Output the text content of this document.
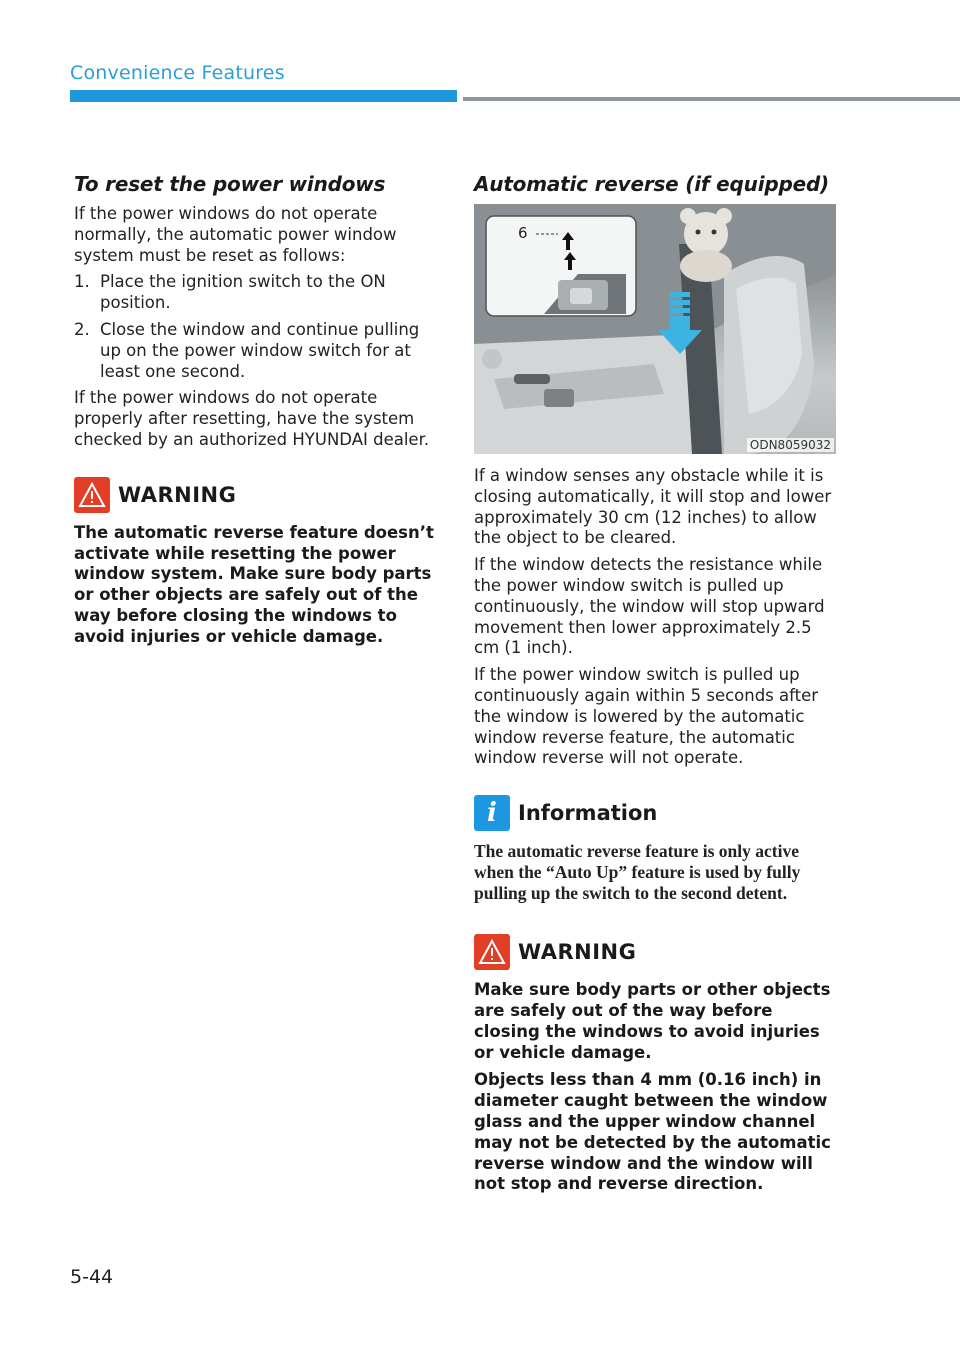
Convenience Features
To reset the power windows

If the power windows do not operate normally, the automatic power window system must be reset as follows:

1. Place the ignition switch to the ON position.
2. Close the window and continue pulling up on the power window switch for at least one second.

If the power windows do not operate properly after resetting, have the system checked by an authorized HYUNDAI dealer.

WARNING

The automatic reverse feature doesn’t activate while resetting the power window system. Make sure body parts or other objects are safely out of the way before closing the windows to avoid injuries or vehicle damage.

Automatic reverse (if equipped)
6
ODN8059032

If a window senses any obstacle while it is closing automatically, it will stop and lower approximately 30 cm (12 inches) to allow the object to be cleared.

If the window detects the resistance while the power window switch is pulled up continuously, the window will stop upward movement then lower approximately 2.5 cm (1 inch).

If the power window switch is pulled up continuously again within 5 seconds after the window is lowered by the automatic window reverse feature, the automatic window reverse will not operate.

i	Information

The automatic reverse feature is only active when the “Auto Up” feature is used by fully pulling up the switch to the second detent.

WARNING

Make sure body parts or other objects are safely out of the way before closing the windows to avoid injuries or vehicle damage.

Objects less than 4 mm (0.16 inch) in diameter caught between the window glass and the upper window channel may not be detected by the automatic reverse window and the window will not stop and reverse direction.

5-44
